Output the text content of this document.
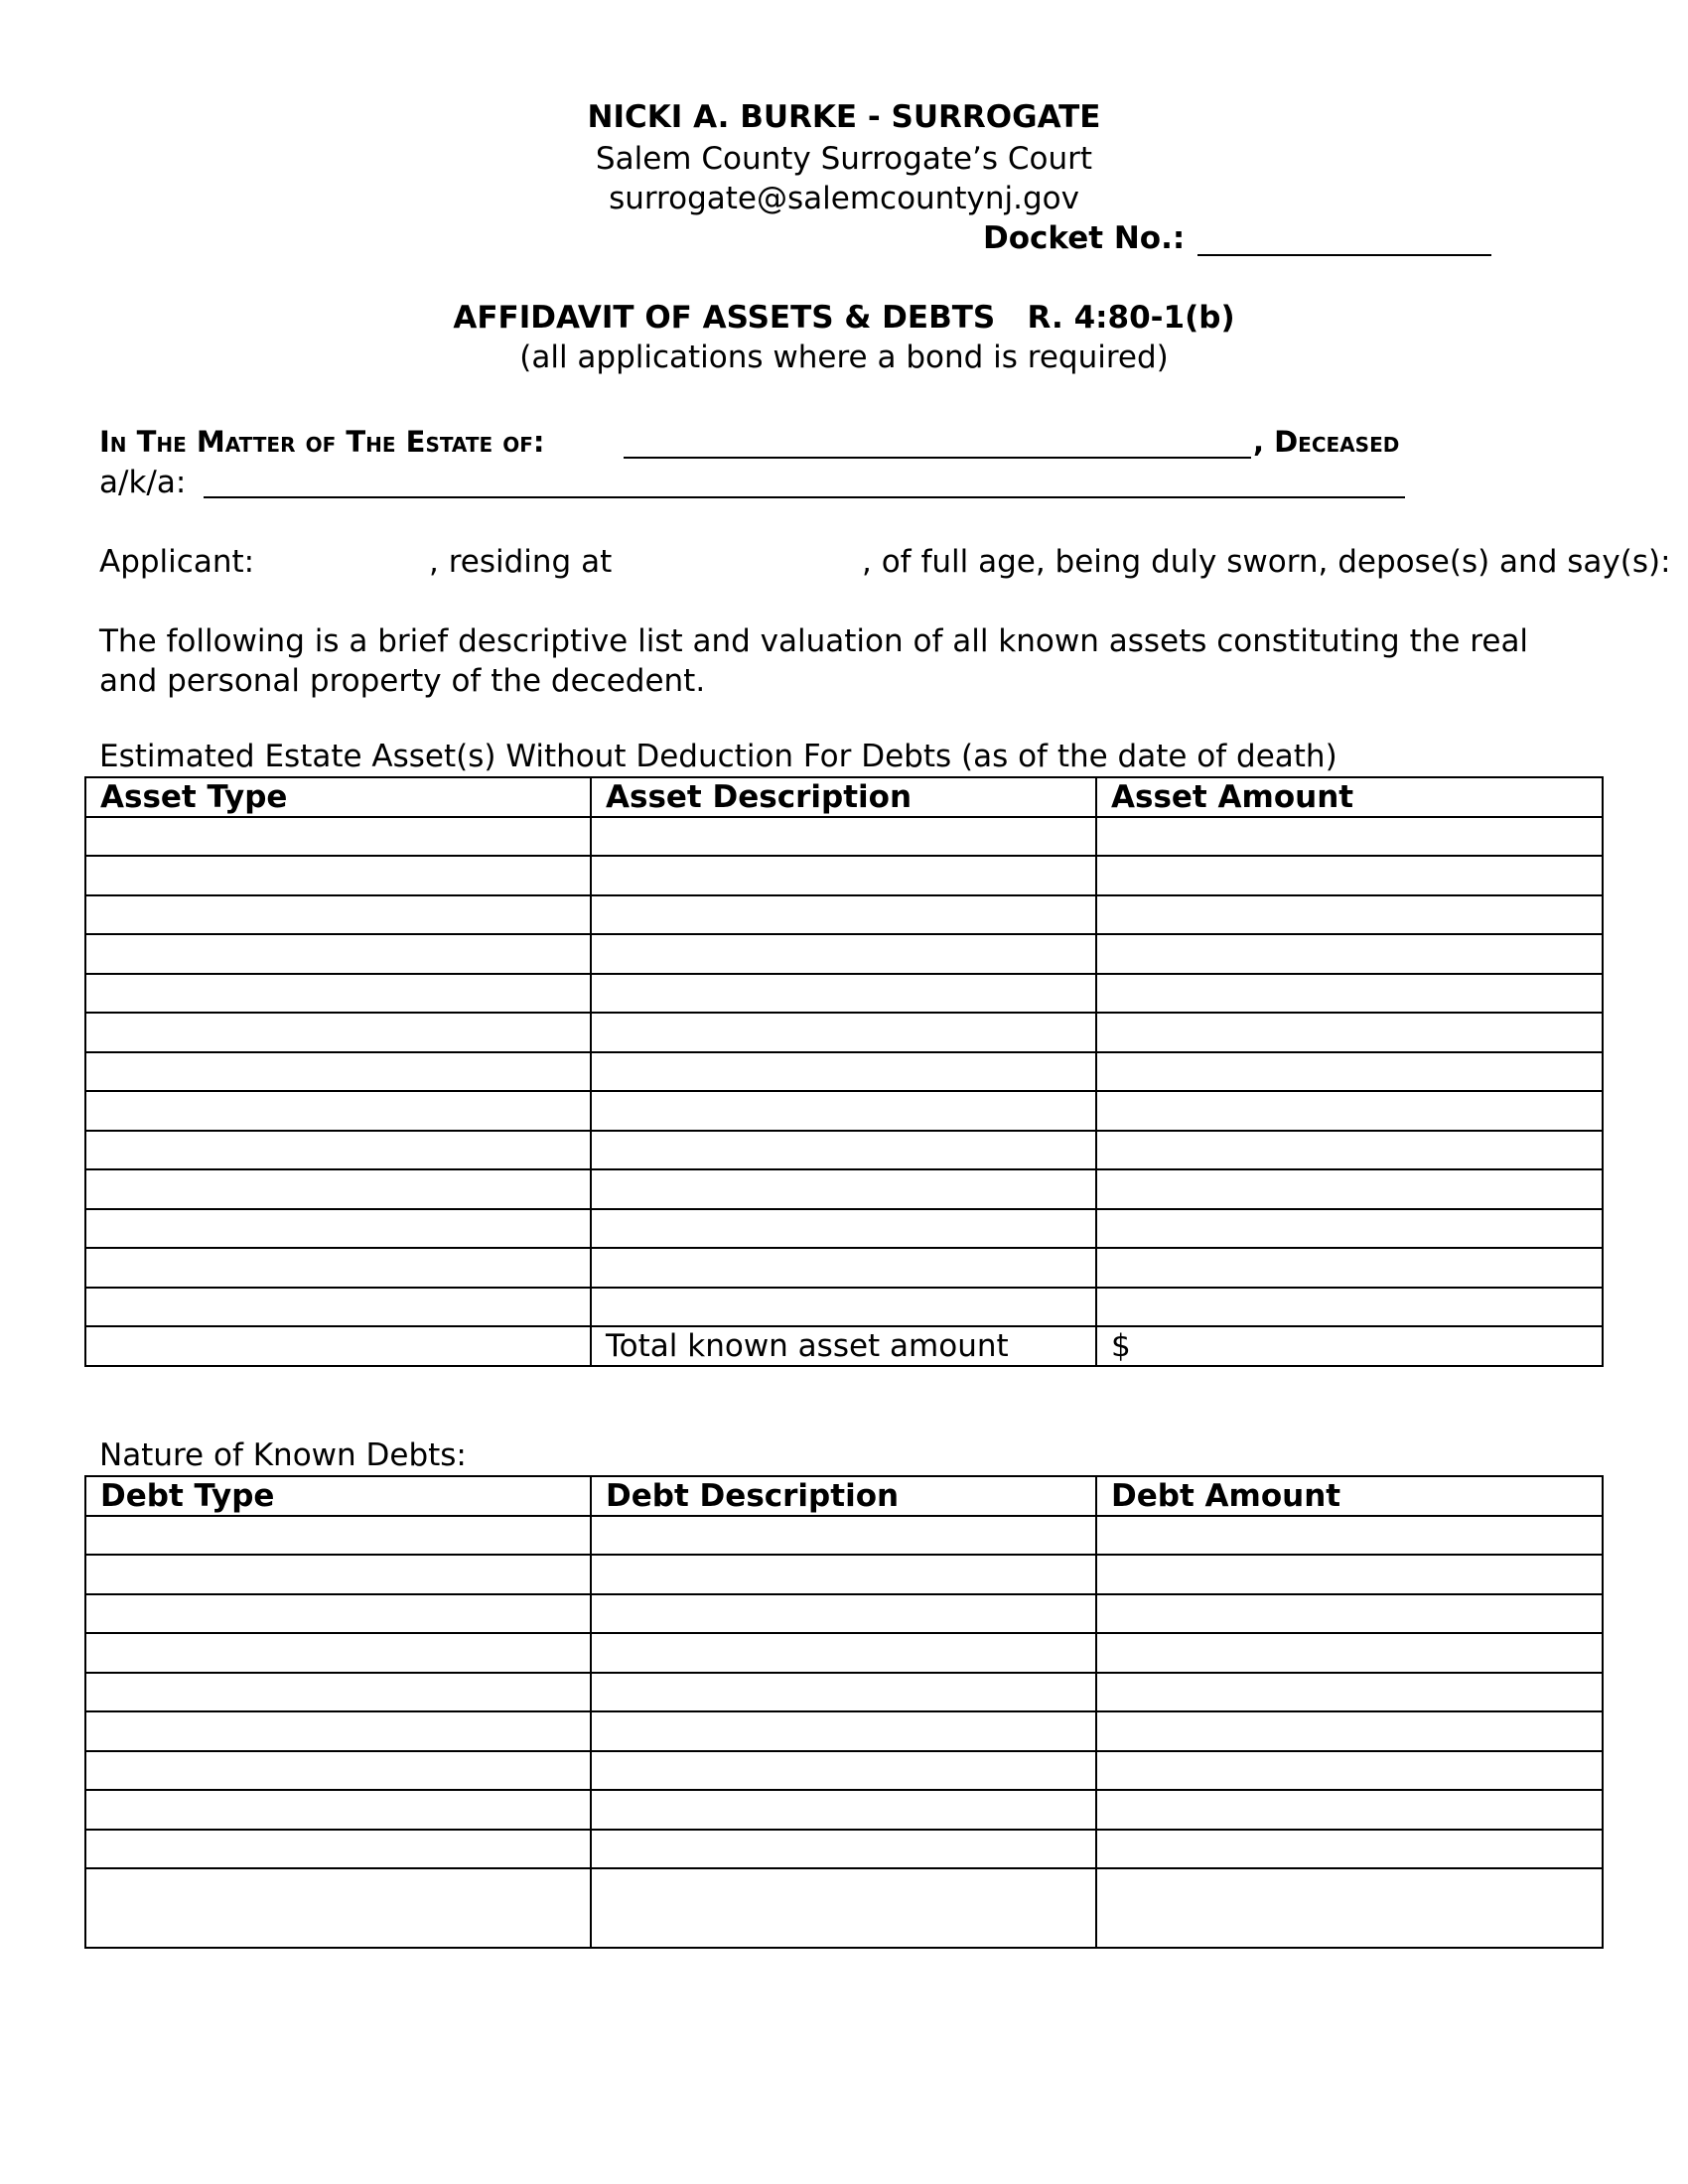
NICKI A. BURKE - SURROGATE
Salem County Surrogate’s Court
surrogate@salemcountynj.gov
Docket No.:
AFFIDAVIT OF ASSETS & DEBTS   R. 4:80-1(b)
(all applications where a bond is required)
In The Matter of The Estate of:	, Deceased
a/k/a:
Applicant:	, residing at	, of full age, being duly sworn, depose(s) and say(s):
The following is a brief descriptive list and valuation of all known assets constituting the real and personal property of the decedent.
Estimated Estate Asset(s) Without Deduction For Debts (as of the date of death)
Asset Type	Asset Description	Asset Amount

	Total known asset amount	$
Nature of Known Debts:
Debt Type	Debt Description	Debt Amount
